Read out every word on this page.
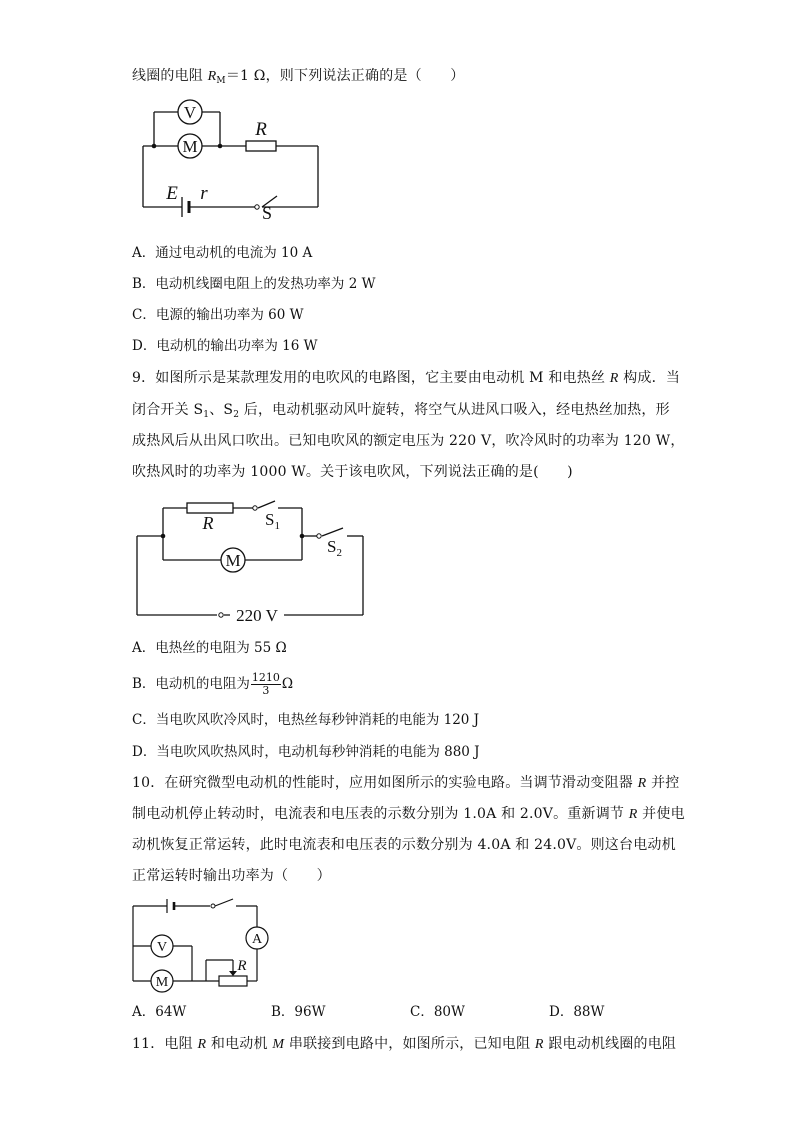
线圈的电阻 $R_M=1$ Ω，则下列说法正确的是（　　）
V
M
R
E r
S
A．通过电动机的电流为 10 A
B．电动机线圈电阻上的发热功率为 2 W
C．电源的输出功率为 60 W
D．电动机的输出功率为 16 W
9．如图所示是某款理发用的电吹风的电路图，它主要由电动机 M 和电热丝 R 构成．当
闭合开关 $S_1$、$S_2$ 后，电动机驱动风叶旋转，将空气从进风口吸入，经电热丝加热，形
成热风后从出风口吹出。已知电吹风的额定电压为 220 V，吹冷风时的功率为 120 W，
吹热风时的功率为 1000 W。关于该电吹风，下列说法正确的是(　　)
R	$S_1$
$S_2$
M
220 V
A．电热丝的电阻为 55 Ω
B．电动机的电阻为 $\frac{1210}{3}$ Ω
C．当电吹风吹冷风时，电热丝每秒钟消耗的电能为 120 J
D．当电吹风吹热风时，电动机每秒钟消耗的电能为 880 J
10．在研究微型电动机的性能时，应用如图所示的实验电路。当调节滑动变阻器 R 并控
制电动机停止转动时，电流表和电压表的示数分别为 1.0A 和 2.0V。重新调节 R 并使电
动机恢复正常运转，此时电流表和电压表的示数分别为 4.0A 和 24.0V。则这台电动机
正常运转时输出功率为（　　）
V
A
M
R
A．64W	B．96W	C．80W	D．88W
11．电阻 R 和电动机 M 串联接到电路中，如图所示，已知电阻 R 跟电动机线圈的电阻
